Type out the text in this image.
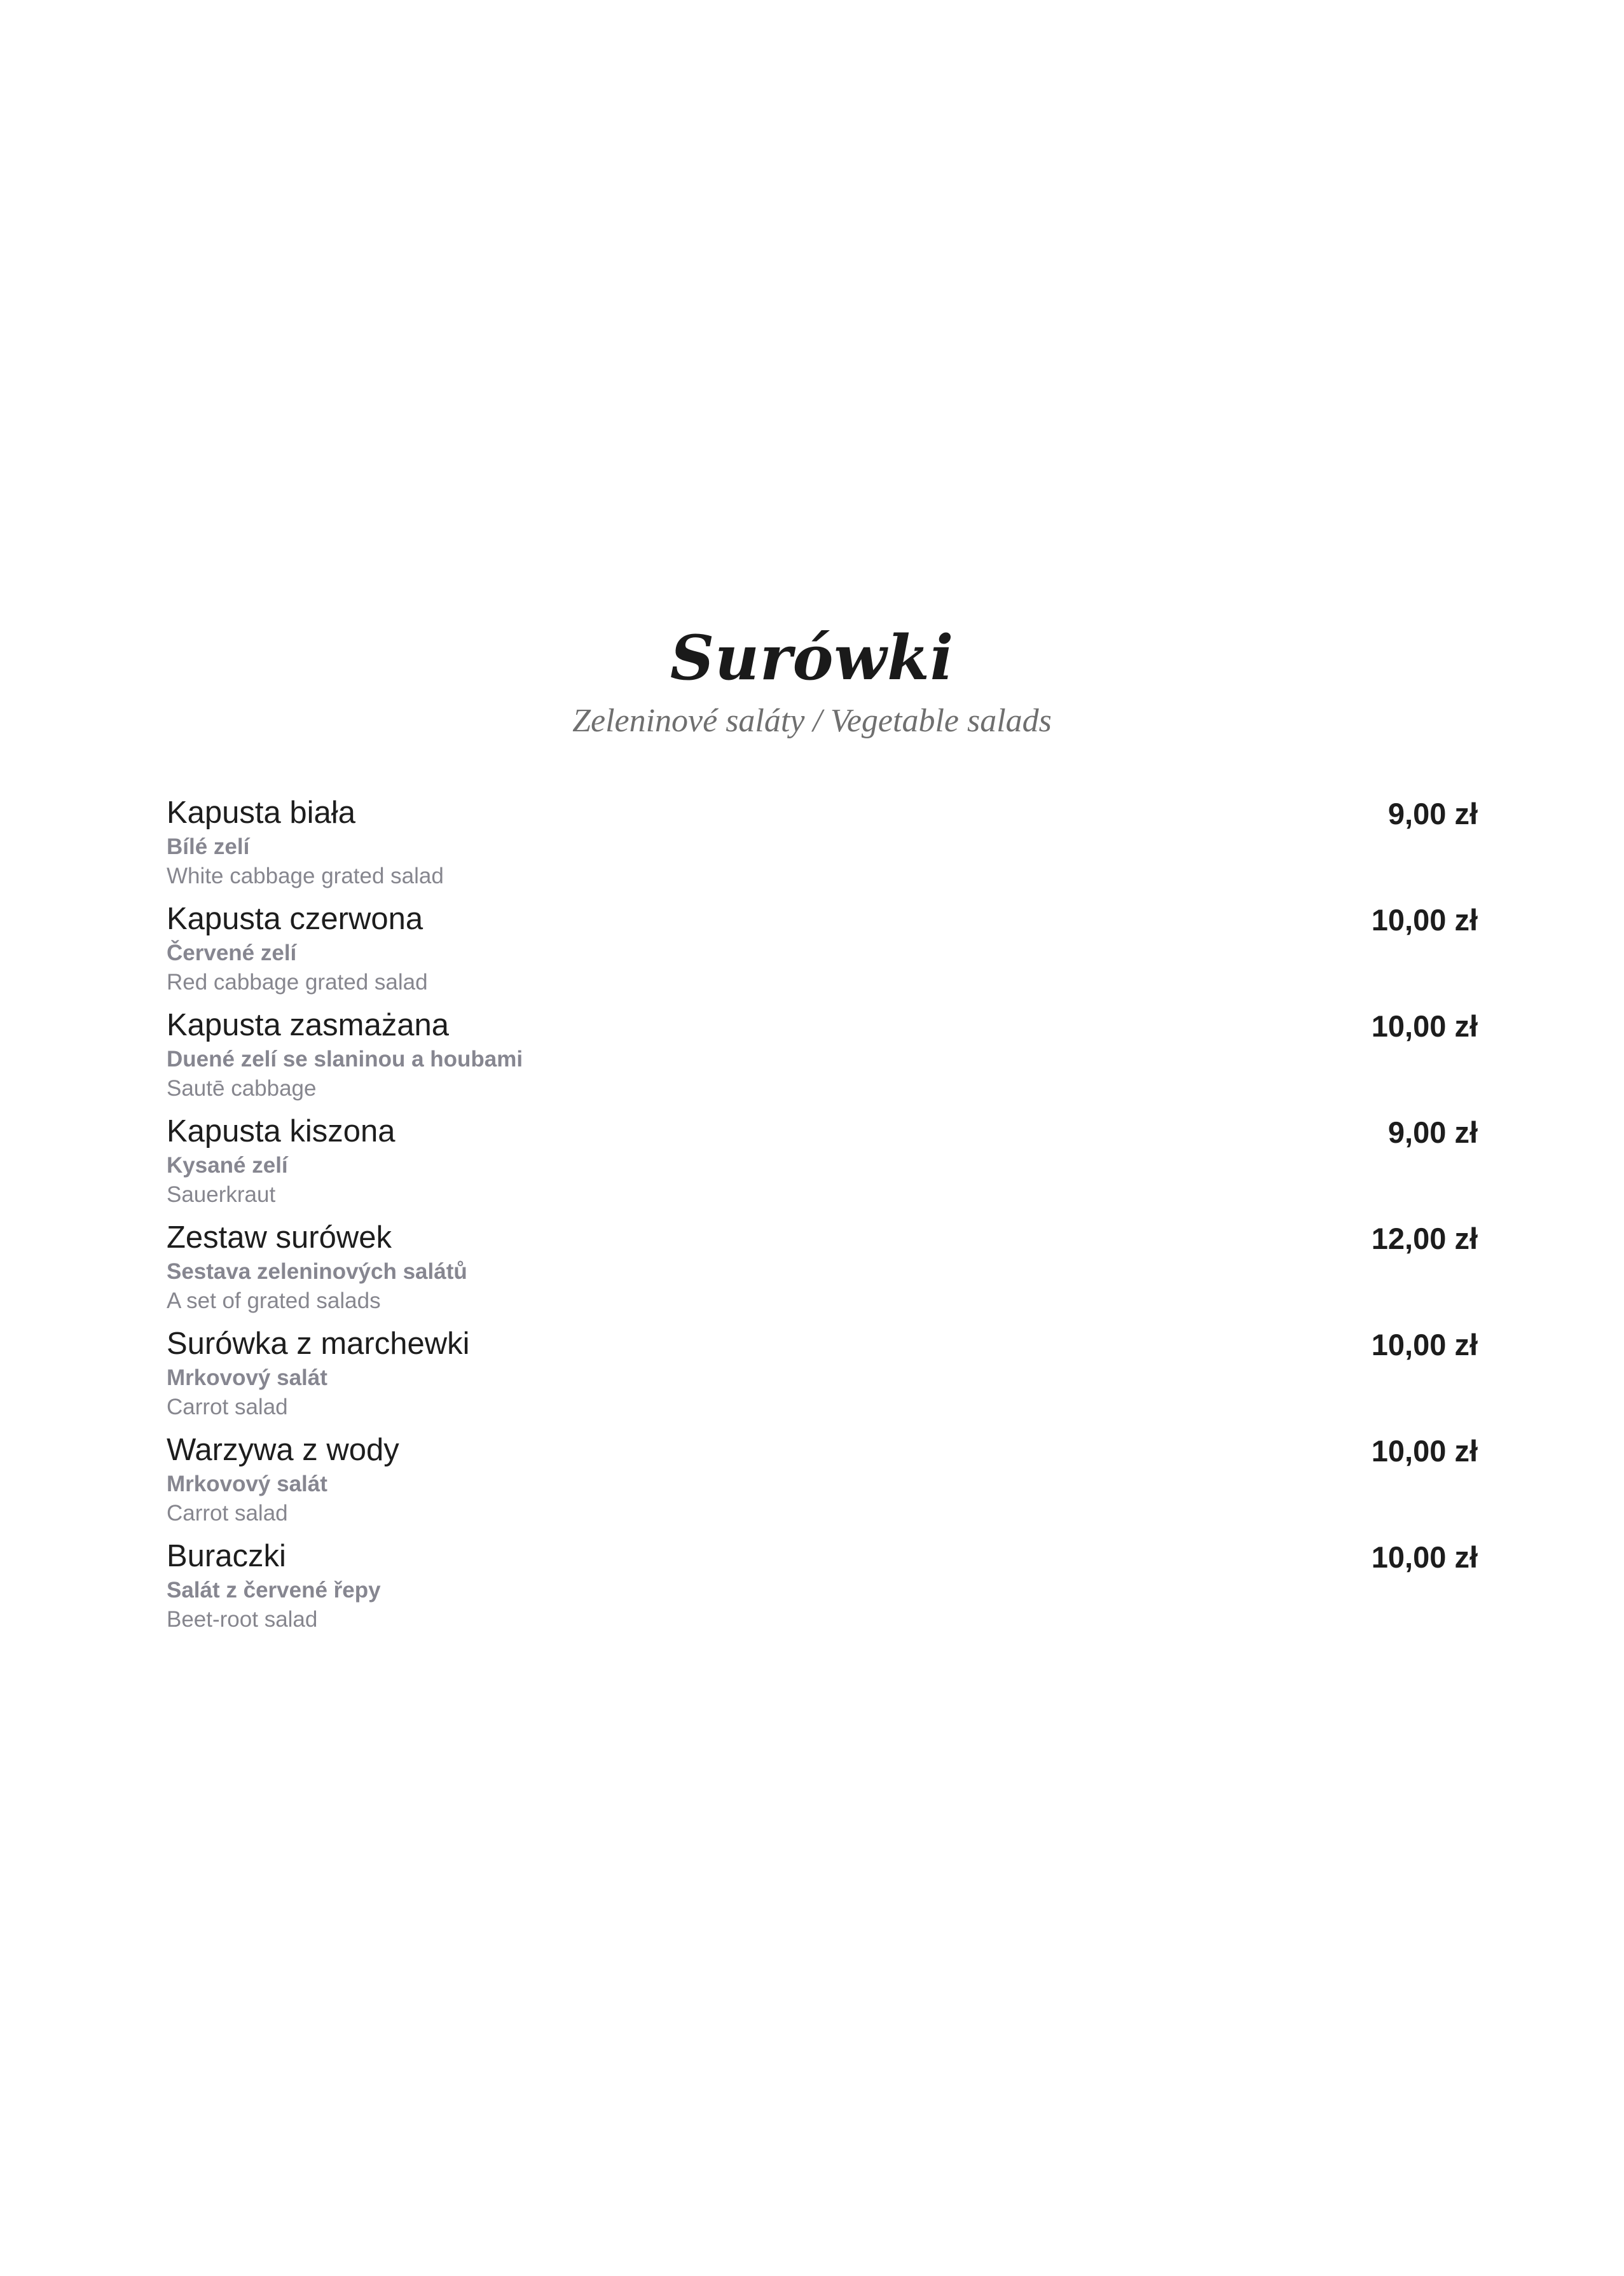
Surówki
Zeleninové saláty / Vegetable salads
Kapusta biała
Bílé zelí
White cabbage grated salad
9,00 zł
Kapusta czerwona
Červené zelí
Red cabbage grated salad
10,00 zł
Kapusta zasmażana
Duené zelí se slaninou a houbami
Sautē cabbage
10,00 zł
Kapusta kiszona
Kysané zelí
Sauerkraut
9,00 zł
Zestaw surówek
Sestava zeleninových salátů
A set of grated salads
12,00 zł
Surówka z marchewki
Mrkovový salát
Carrot salad
10,00 zł
Warzywa z wody
Mrkovový salát
Carrot salad
10,00 zł
Buraczki
Salát z červené řepy
Beet-root salad
10,00 zł
